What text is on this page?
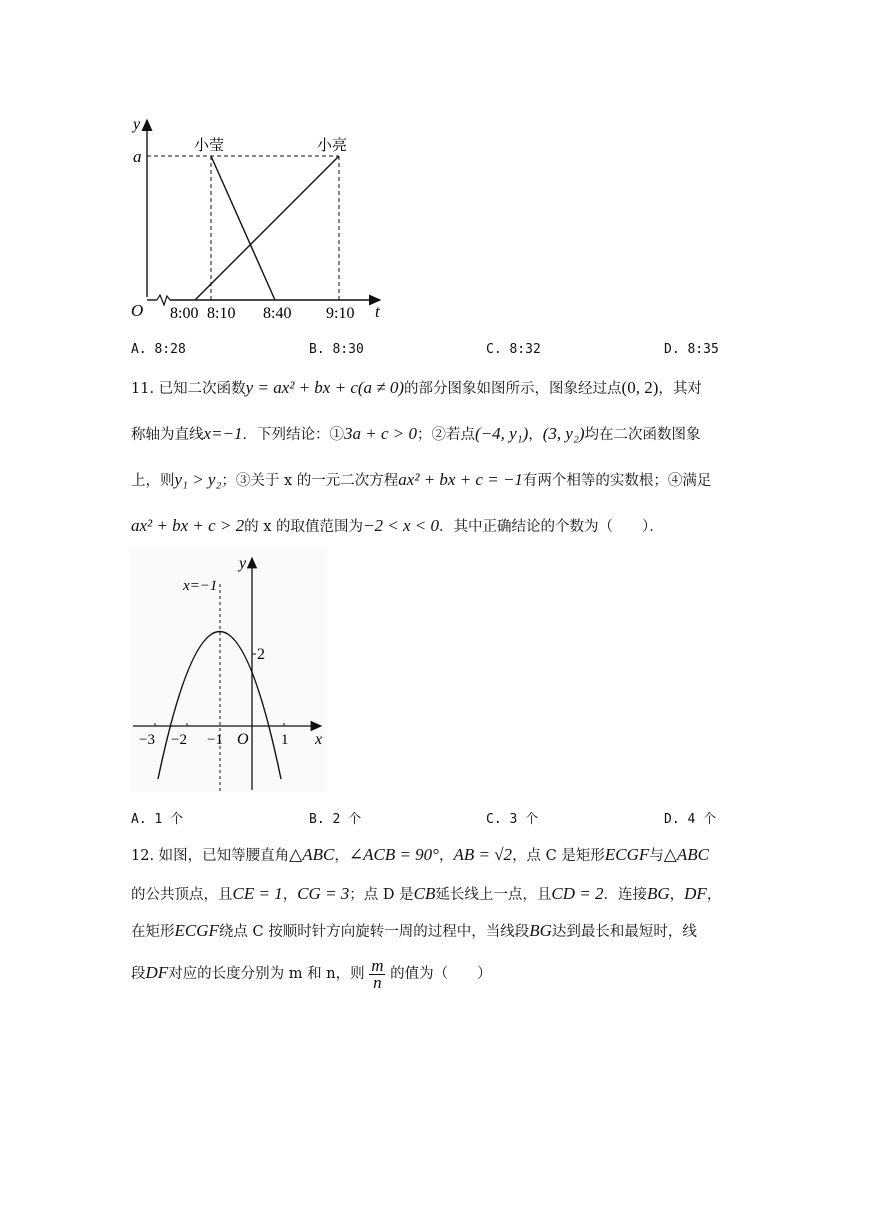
y
a
O	t
小莹	小亮
8:00 8:10 8:40 9:10
A. 8:28	B. 8:30	C. 8:32	D. 8:35
11. 已知二次函数y = ax² + bx + c(a ≠ 0)的部分图象如图所示，图象经过点(0, 2)，其对
称轴为直线x=−1．下列结论：①3a + c > 0；②若点(−4, y₁)，(3, y₂)均在二次函数图象
上，则y₁ > y₂；③关于 x 的一元二次方程ax² + bx + c = −1有两个相等的实数根；④满足
ax² + bx + c > 2的 x 的取值范围为−2 < x < 0．其中正确结论的个数为（　　）．
x=−1
y
x
2
O
−3 −2 −1	1
A. 1 个	B. 2 个	C. 3 个	D. 4 个
12. 如图，已知等腰直角△ABC，∠ACB = 90°，AB = √2，点 C 是矩形ECGF与△ABC
的公共顶点，且CE = 1，CG = 3；点 D 是CB延长线上一点，且CD = 2．连接BG，DF，
在矩形ECGF绕点 C 按顺时针方向旋转一周的过程中，当线段BG达到最长和最短时，线
段DF对应的长度分别为 m 和 n，则 $\frac{m}{n}$ 的值为（　　）
